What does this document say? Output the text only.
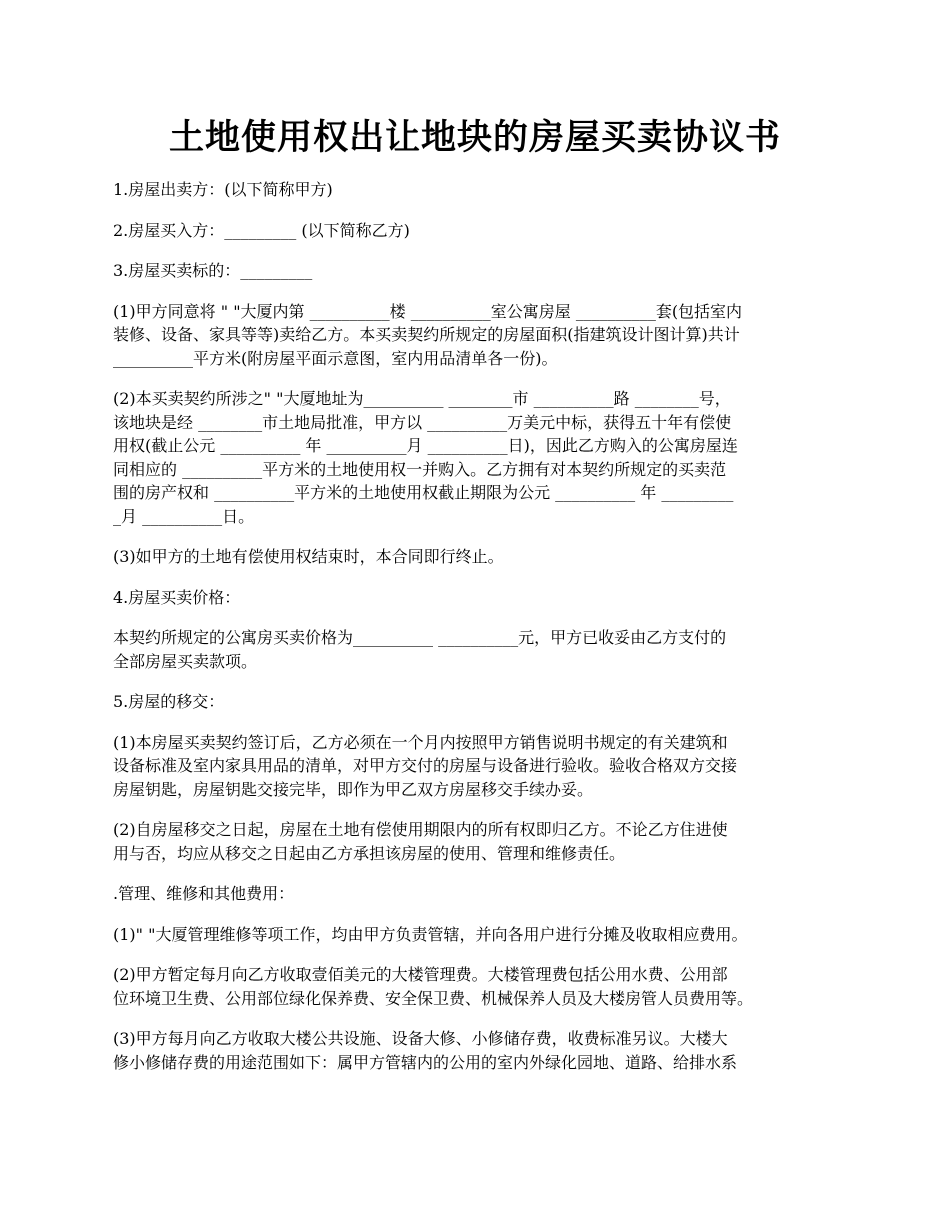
土地使用权出让地块的房屋买卖协议书
1.房屋出卖方：(以下简称甲方)
2.房屋买入方：_________ (以下简称乙方)
3.房屋买卖标的：_________
(1)甲方同意将 " "大厦内第 __________楼 __________室公寓房屋 __________套(包括室内
装修、设备、家具等等)卖给乙方。本买卖契约所规定的房屋面积(指建筑设计图计算)共计
__________平方米(附房屋平面示意图，室内用品清单各一份)。
(2)本买卖契约所涉之" "大厦地址为__________ ________市 __________路 ________号，
该地块是经 ________市土地局批准，甲方以 __________万美元中标，获得五十年有偿使
用权(截止公元 __________ 年 __________月 __________日)，因此乙方购入的公寓房屋连
同相应的 __________平方米的土地使用权一并购入。乙方拥有对本契约所规定的买卖范
围的房产权和 __________平方米的土地使用权截止期限为公元 __________ 年 _________
_月 __________日。
(3)如甲方的土地有偿使用权结束时，本合同即行终止。
4.房屋买卖价格：
本契约所规定的公寓房买卖价格为__________ __________元，甲方已收妥由乙方支付的
全部房屋买卖款项。
5.房屋的移交：
(1)本房屋买卖契约签订后，乙方必须在一个月内按照甲方销售说明书规定的有关建筑和
设备标准及室内家具用品的清单，对甲方交付的房屋与设备进行验收。验收合格双方交接
房屋钥匙，房屋钥匙交接完毕，即作为甲乙双方房屋移交手续办妥。
(2)自房屋移交之日起，房屋在土地有偿使用期限内的所有权即归乙方。不论乙方住进使
用与否，均应从移交之日起由乙方承担该房屋的使用、管理和维修责任。
.管理、维修和其他费用：
(1)" "大厦管理维修等项工作，均由甲方负责管辖，并向各用户进行分摊及收取相应费用。
(2)甲方暂定每月向乙方收取壹佰美元的大楼管理费。大楼管理费包括公用水费、公用部
位环境卫生费、公用部位绿化保养费、安全保卫费、机械保养人员及大楼房管人员费用等。
(3)甲方每月向乙方收取大楼公共设施、设备大修、小修储存费，收费标准另议。大楼大
修小修储存费的用途范围如下：属甲方管辖内的公用的室内外绿化园地、道路、给排水系
